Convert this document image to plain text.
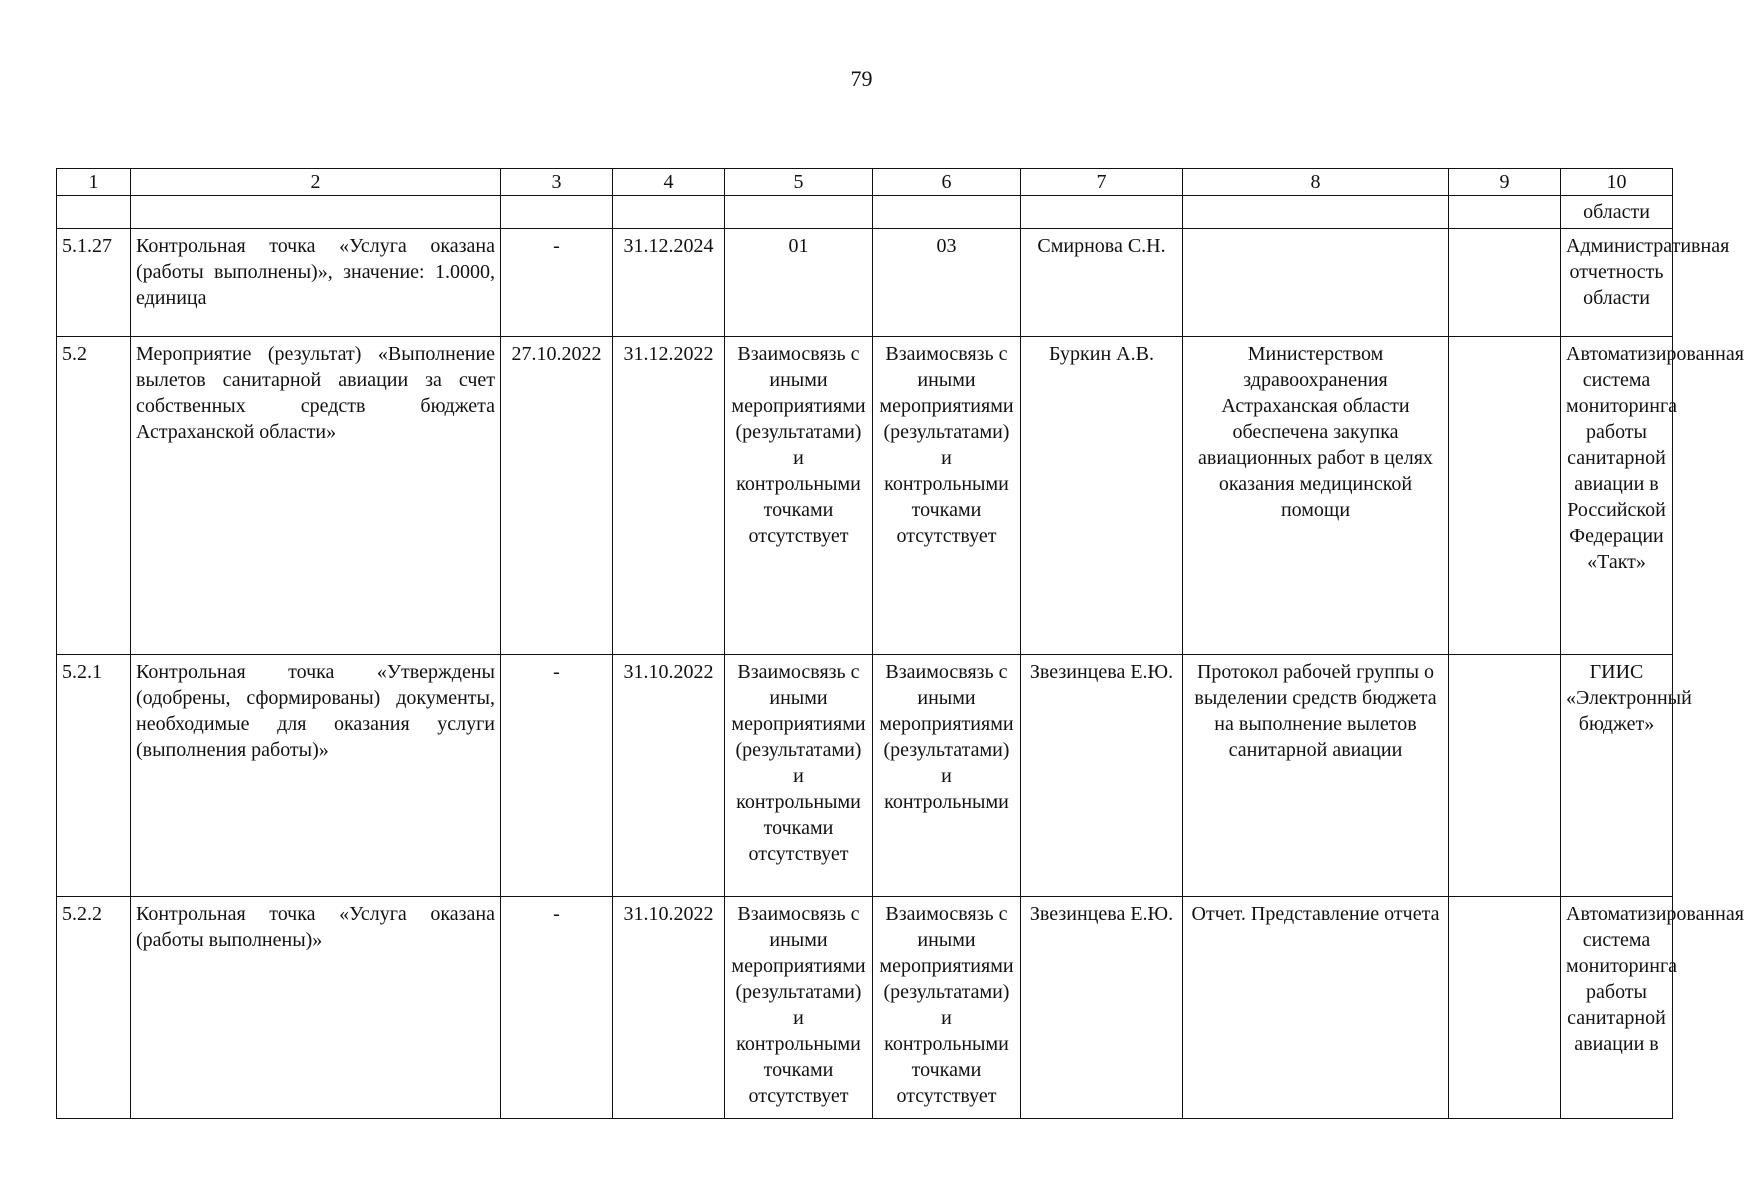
79
1	2	3	4	5	6	7	8	9	10
									области
5.1.27	Контрольная точка «Услуга оказана (работы выполнены)», значение: 1.0000, единица	-	31.12.2024	01	03	Смирнова С.Н.			Административная отчетность области
5.2	Мероприятие (результат) «Выполнение вылетов санитарной авиации за счет собственных средств бюджета Астраханской области»	27.10.2022	31.12.2022	Взаимосвязь с иными мероприятиями (результатами) и контрольными точками отсутствует	Взаимосвязь с иными мероприятиями (результатами) и контрольными точками отсутствует	Буркин А.В.	Министерством здравоохранения Астраханская области обеспечена закупка авиационных работ в целях оказания медицинской помощи		Автоматизированная система мониторинга работы санитарной авиации в Российской Федерации «Такт»
5.2.1	Контрольная точка «Утверждены (одобрены, сформированы) документы, необходимые для оказания услуги (выполнения работы)»	-	31.10.2022	Взаимосвязь с иными мероприятиями (результатами) и контрольными точками отсутствует	Взаимосвязь с иными мероприятиями (результатами) и контрольными	Звезинцева Е.Ю.	Протокол рабочей группы о выделении средств бюджета на выполнение вылетов санитарной авиации		ГИИС «Электронный бюджет»
5.2.2	Контрольная точка «Услуга оказана (работы выполнены)»	-	31.10.2022	Взаимосвязь с иными мероприятиями (результатами) и контрольными точками отсутствует	Взаимосвязь с иными мероприятиями (результатами) и контрольными точками отсутствует	Звезинцева Е.Ю.	Отчет. Представление отчета		Автоматизированная система мониторинга работы санитарной авиации в
